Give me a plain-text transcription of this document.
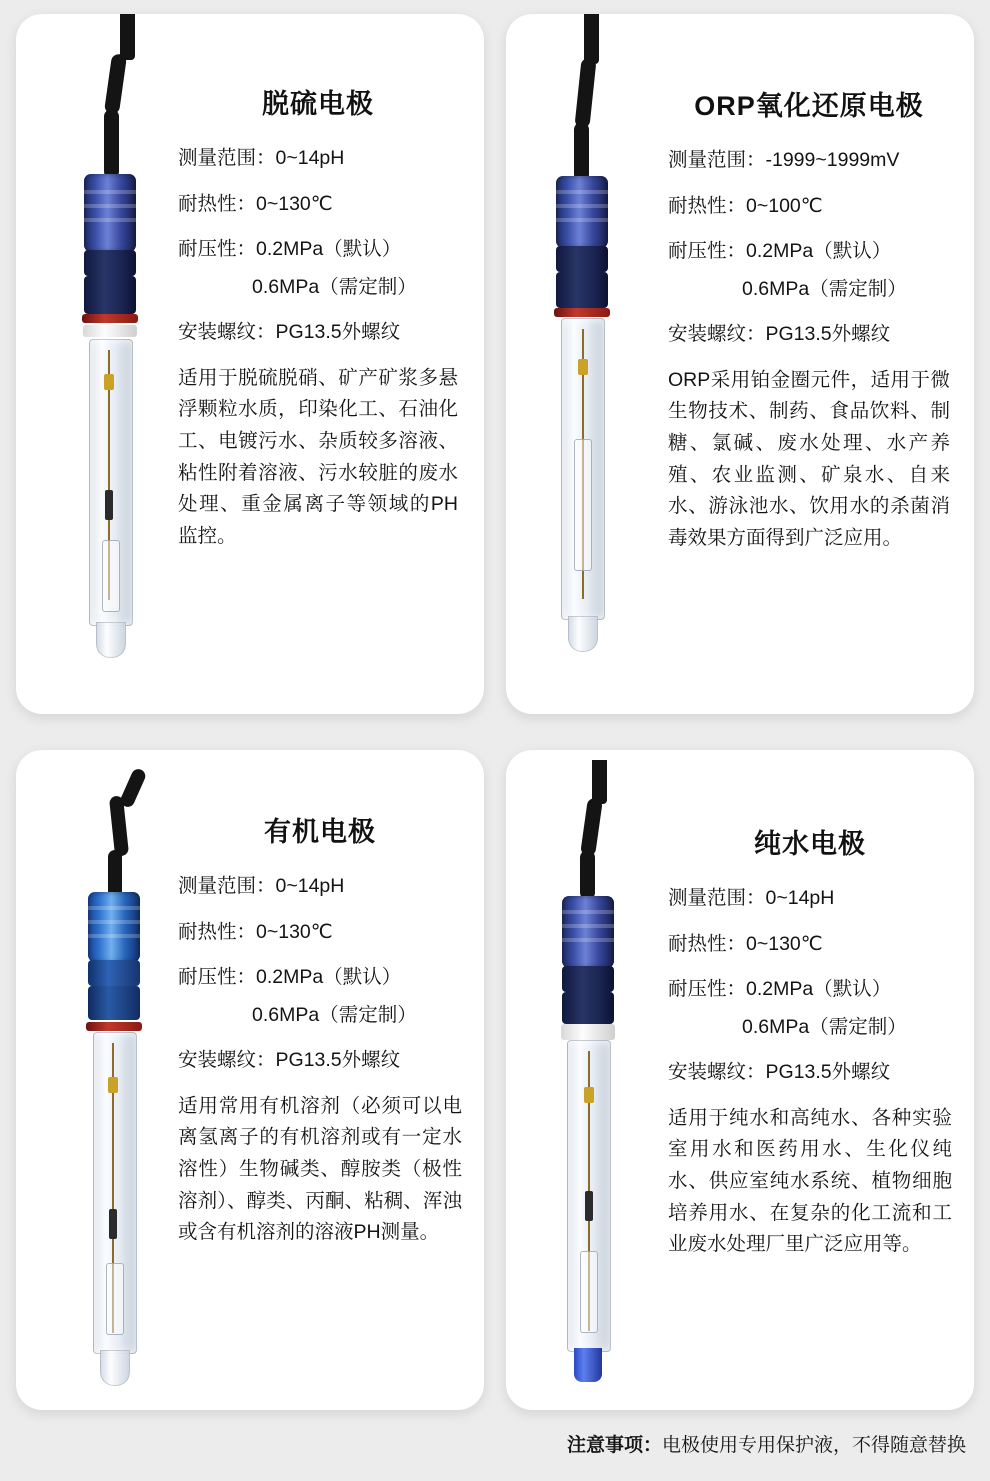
脱硫电极

测量范围：0~14pH

耐热性：0~130℃

耐压性：0.2MPa（默认）

0.6MPa（需定制）

安装螺纹：PG13.5外螺纹

适用于脱硫脱硝、矿产矿浆多悬浮颗粒水质，印染化工、石油化工、电镀污水、杂质较多溶液、粘性附着溶液、污水较脏的废水处理、重金属离子等领域的PH监控。

ORP氧化还原电极

测量范围：-1999~1999mV

耐热性：0~100℃

耐压性：0.2MPa（默认）

0.6MPa（需定制）

安装螺纹：PG13.5外螺纹

ORP采用铂金圈元件，适用于微生物技术、制药、食品饮料、制糖、氯碱、废水处理、水产养殖、农业监测、矿泉水、自来水、游泳池水、饮用水的杀菌消毒效果方面得到广泛应用。

有机电极

测量范围：0~14pH

耐热性：0~130℃

耐压性：0.2MPa（默认）

0.6MPa（需定制）

安装螺纹：PG13.5外螺纹

适用常用有机溶剂（必须可以电离氢离子的有机溶剂或有一定水溶性）生物碱类、醇胺类（极性溶剂）、醇类、丙酮、粘稠、浑浊或含有机溶剂的溶液PH测量。

纯水电极

测量范围：0~14pH

耐热性：0~130℃

耐压性：0.2MPa（默认）

0.6MPa（需定制）

安装螺纹：PG13.5外螺纹

适用于纯水和高纯水、各种实验室用水和医药用水、生化仪纯水、供应室纯水系统、植物细胞培养用水、在复杂的化工流和工业废水处理厂里广泛应用等。

注意事项：电极使用专用保护液，不得随意替换
